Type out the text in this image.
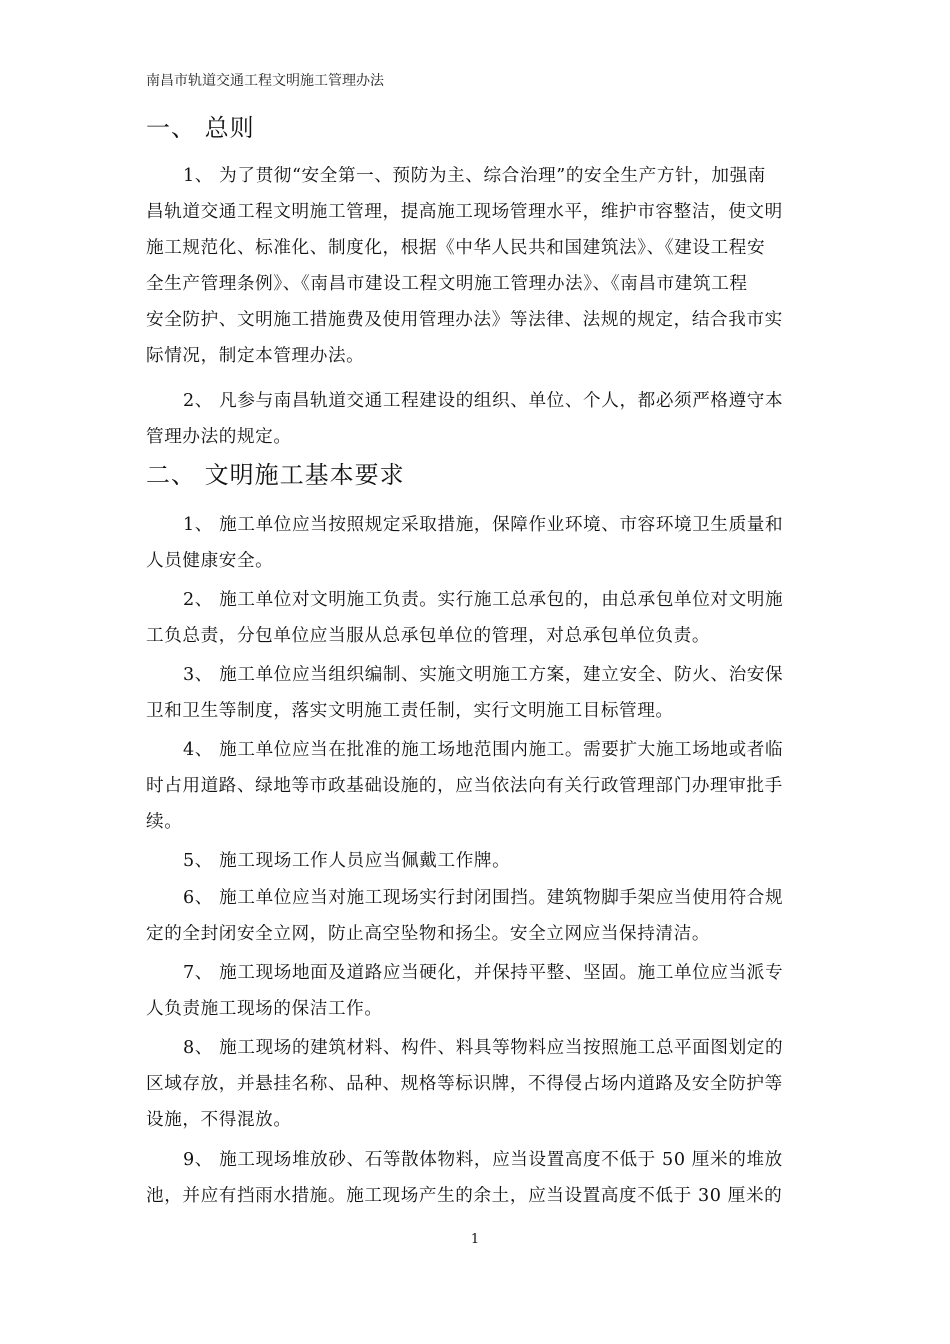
南昌市轨道交通工程文明施工管理办法
一、 总则
1、 为了贯彻“安全第一、预防为主、综合治理”的安全生产方针，加强南
昌轨道交通工程文明施工管理，提高施工现场管理水平，维护市容整洁，使文明
施工规范化、标准化、制度化，根据《中华人民共和国建筑法》、《建设工程安
全生产管理条例》、《南昌市建设工程文明施工管理办法》、《南昌市建筑工程
安全防护、文明施工措施费及使用管理办法》等法律、法规的规定，结合我市实
际情况，制定本管理办法。
2、 凡参与南昌轨道交通工程建设的组织、单位、个人，都必须严格遵守本
管理办法的规定。
二、 文明施工基本要求
1、 施工单位应当按照规定采取措施，保障作业环境、市容环境卫生质量和
人员健康安全。
2、 施工单位对文明施工负责。实行施工总承包的，由总承包单位对文明施
工负总责，分包单位应当服从总承包单位的管理，对总承包单位负责。
3、 施工单位应当组织编制、实施文明施工方案，建立安全、防火、治安保
卫和卫生等制度，落实文明施工责任制，实行文明施工目标管理。
4、 施工单位应当在批准的施工场地范围内施工。需要扩大施工场地或者临
时占用道路、绿地等市政基础设施的，应当依法向有关行政管理部门办理审批手
续。
5、 施工现场工作人员应当佩戴工作牌。
6、 施工单位应当对施工现场实行封闭围挡。建筑物脚手架应当使用符合规
定的全封闭安全立网，防止高空坠物和扬尘。安全立网应当保持清洁。
7、 施工现场地面及道路应当硬化，并保持平整、坚固。施工单位应当派专
人负责施工现场的保洁工作。
8、 施工现场的建筑材料、构件、料具等物料应当按照施工总平面图划定的
区域存放，并悬挂名称、品种、规格等标识牌，不得侵占场内道路及安全防护等
设施，不得混放。
9、 施工现场堆放砂、石等散体物料，应当设置高度不低于 50 厘米的堆放
池，并应有挡雨水措施。施工现场产生的余土，应当设置高度不低于 30 厘米的
1
